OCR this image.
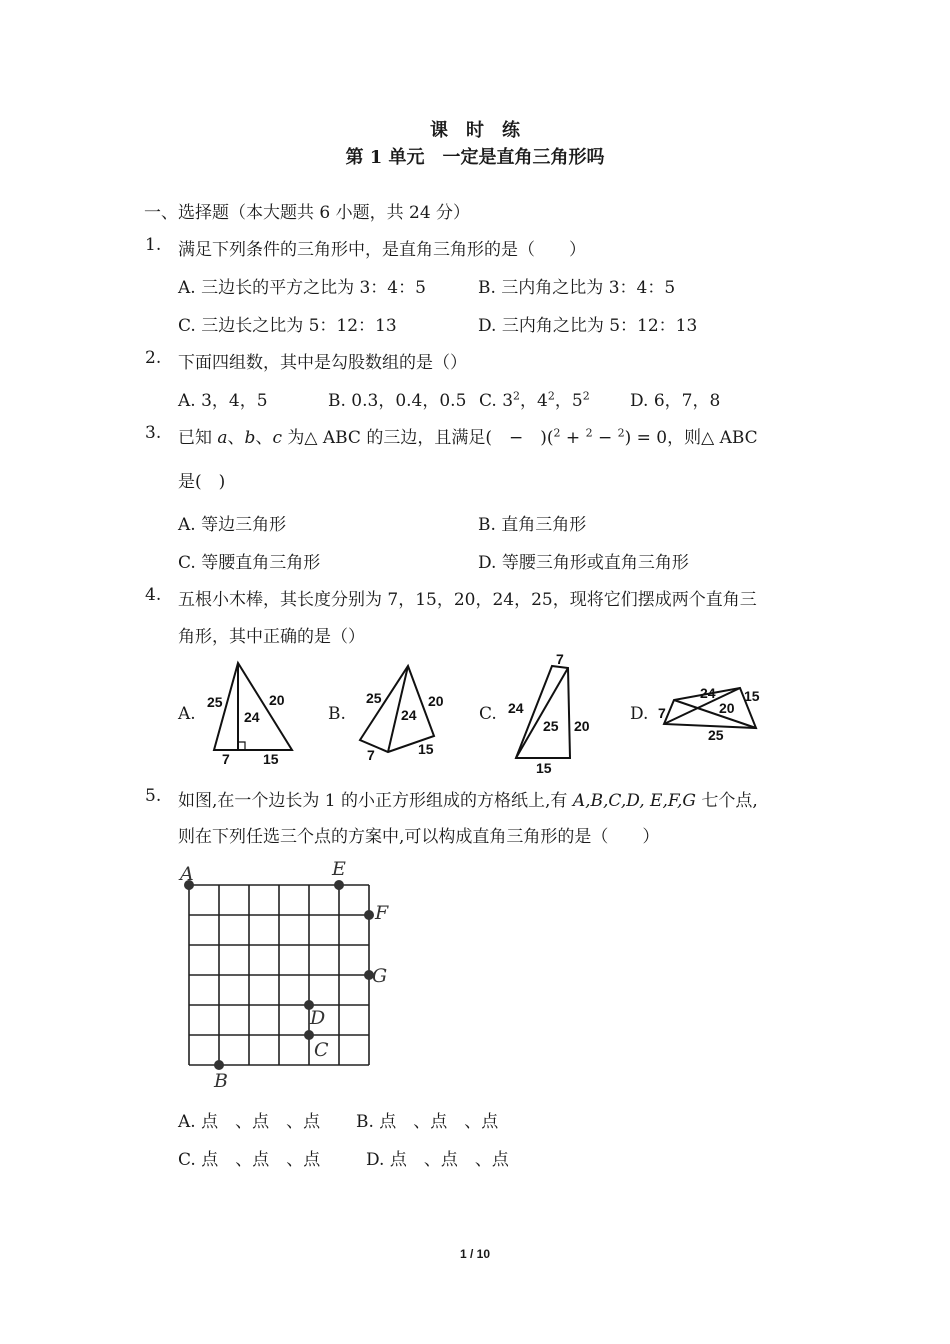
课　时　练
第 1 单元　一定是直角三角形吗
一、选择题（本大题共 6 小题，共 24 分）
1. 满足下列条件的三角形中，是直角三角形的是（　　）
A. 三边长的平方之比为 3：4：5	B. 三内角之比为 3：4：5
C. 三边长之比为 5：12：13	D. 三内角之比为 5：12：13
2. 下面四组数，其中是勾股数组的是（）
A. 3，4，5	B. 0.3，0.4，0.5 C. $3^2$，$4^2$，$5^2$ D. 6，7，8
3. 已知 a、b、c 为△ ABC 的三边，且满足(　−　)($^2$ + $^2$ − $^2$) = 0，则△ ABC
是(　)
A. 等边三角形	B. 直角三角形
C. 等腰直角三角形	D. 等腰三角形或直角三角形
4. 五根小木棒，其长度分别为 7，15，20，24，25，现将它们摆成两个直角三
角形，其中正确的是（）
A.	B.	C.	D.
25	20
24
7 15
25	20
24
7	15
7
24
25 20
15
7
24 15
20
25
5. 如图,在一个边长为 1 的小正方形组成的方格纸上,有 A,B,C,D, E,F,G 七个点,
则在下列任选三个点的方案中,可以构成直角三角形的是（　　）
A
B
C
D
E
F
G
A. 点　、点　、点 B. 点　、点　、点
C. 点　、点　、点	D. 点　、点　、点
1 / 10
